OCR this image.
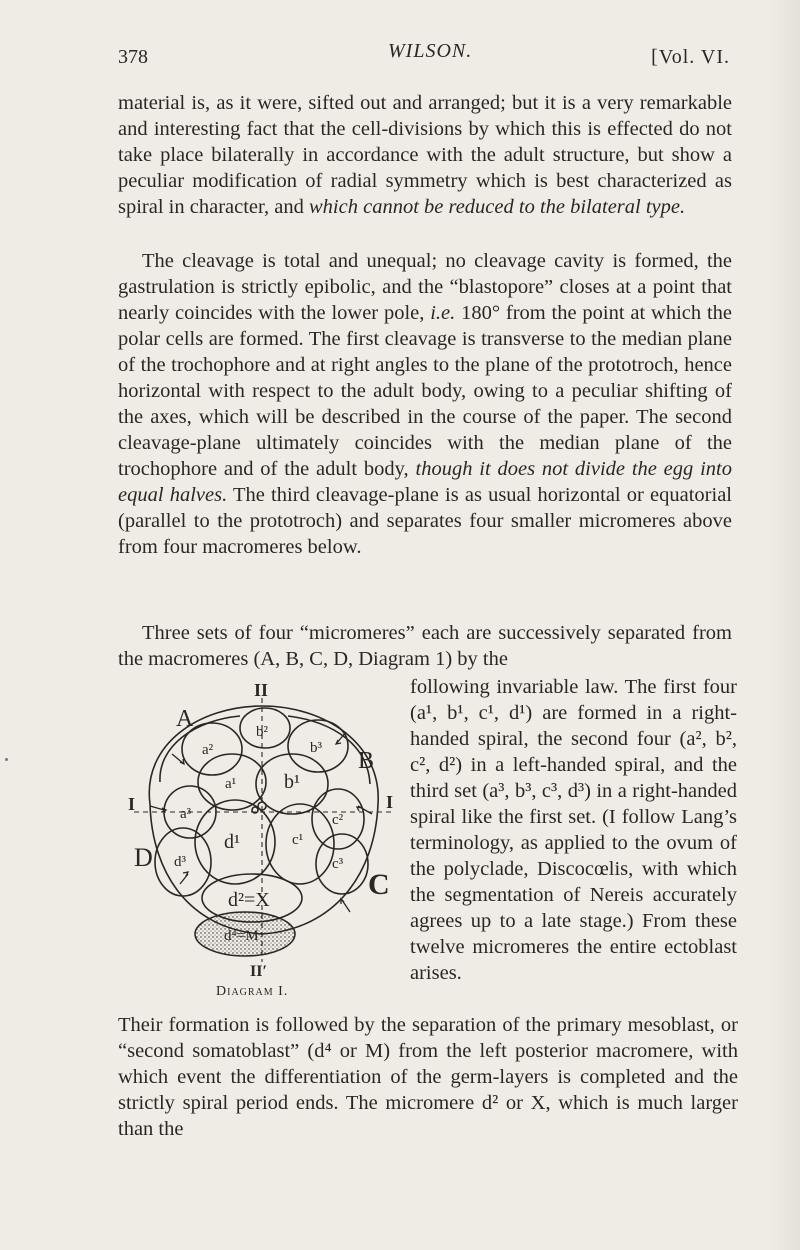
378	WILSON.	[Vol. VI.

material is, as it were, sifted out and arranged; but it is a very remarkable and interesting fact that the cell-divisions by which this is effected do not take place bilaterally in accordance with the adult structure, but show a peculiar modification of radial symmetry which is best characterized as spiral in character, and which cannot be reduced to the bilateral type.

The cleavage is total and unequal; no cleavage cavity is formed, the gastrulation is strictly epibolic, and the “blastopore” closes at a point that nearly coincides with the lower pole, i.e. 180° from the point at which the polar cells are formed. The first cleavage is transverse to the median plane of the trochophore and at right angles to the plane of the prototroch, hence horizontal with respect to the adult body, owing to a peculiar shifting of the axes, which will be described in the course of the paper. The second cleavage-plane ultimately coincides with the median plane of the trochophore and of the adult body, though it does not divide the egg into equal halves. The third cleavage-plane is as usual horizontal or equatorial (parallel to the prototroch) and separates four smaller micromeres above from four macromeres below.

Three sets of four “micromeres” each are successively separated from the macromeres (A, B, C, D, Diagram 1) by the

following invariable law. The first four (a¹, b¹, c¹, d¹) are formed in a right-handed spiral, the second four (a², b², c², d²) in a left-handed spiral, and the third set (a³, b³, c³, d³) in a right-handed spiral like the first set. (I follow Lang’s terminology, as applied to the ovum of the polyclade, Discocœlis, with which the segmentation of Nereis accurately agrees up to a late stage.) From these twelve micromeres the entire ectoblast arises.

Their formation is followed by the separation of the primary mesoblast, or “second somatoblast” (d⁴ or M) from the left posterior macromere, with which event the differentiation of the germ-layers is completed and the strictly spiral period ends. The micromere d² or X, which is much larger than the

II
II′
I	I
A
B
C
D
a¹
a²
a³
b¹
b²
b³
c¹
c²
c³
d¹
d³
d²=X
d⁴=M
Diagram I.
